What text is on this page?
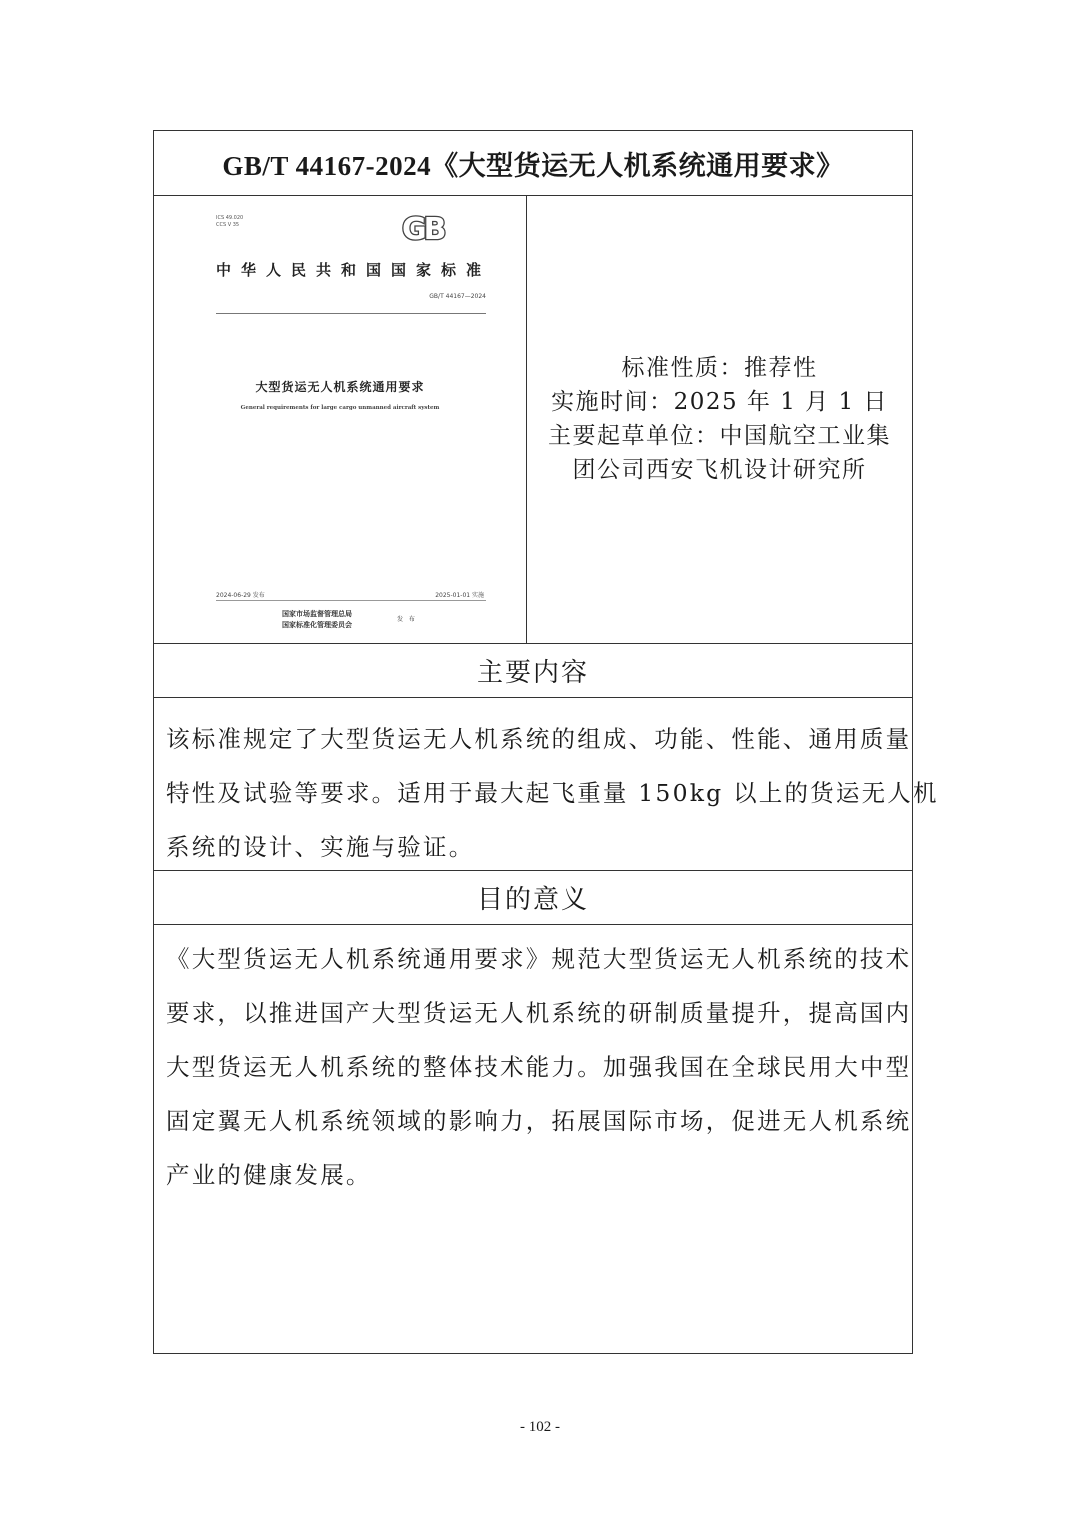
GB/T 44167-2024《大型货运无人机系统通用要求》
ICS 49.020
CCS V 35	GB
中华人民共和国国家标准
GB/T 44167—2024
大型货运无人机系统通用要求
General requirements for large cargo unmanned aircraft system
2024-06-29 发布	2025-01-01 实施
国家市场监督管理总局
国家标准化管理委员会
发 布
标准性质：推荐性
实施时间：2025 年 1 月 1 日
主要起草单位：中国航空工业集
团公司西安飞机设计研究所
主要内容
该标准规定了大型货运无人机系统的组成、功能、性能、通用质量
特性及试验等要求。适用于最大起飞重量 150kg 以上的货运无人机
系统的设计、实施与验证。
目的意义
《大型货运无人机系统通用要求》规范大型货运无人机系统的技术
要求，以推进国产大型货运无人机系统的研制质量提升，提高国内
大型货运无人机系统的整体技术能力。加强我国在全球民用大中型
固定翼无人机系统领域的影响力，拓展国际市场，促进无人机系统
产业的健康发展。
- 102 -
